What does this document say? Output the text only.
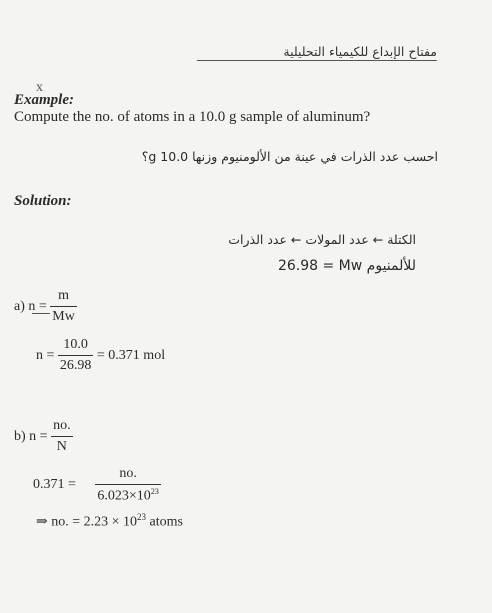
مفتاح الإبداع للكيمياء التحليلية
x
Example:
Compute the no. of atoms in a 10.0 g sample of aluminum?
احسب عدد الذرات في عينة من الألومنيوم وزنها 10.0 g؟
Solution:
الكتلة ← عدد المولات ← عدد الذرات
26.98 = Mw للألمنيوم
a) $n = \frac{m}{Mw}$
$n = \frac{10.0}{26.98} = 0.371$ mol
b) $n = \frac{no.}{N}$
$0.371 = \frac{no.}{6.023\times 10^{23}}$
⇒ no. = $2.23 \times 10^{23}$ atoms
